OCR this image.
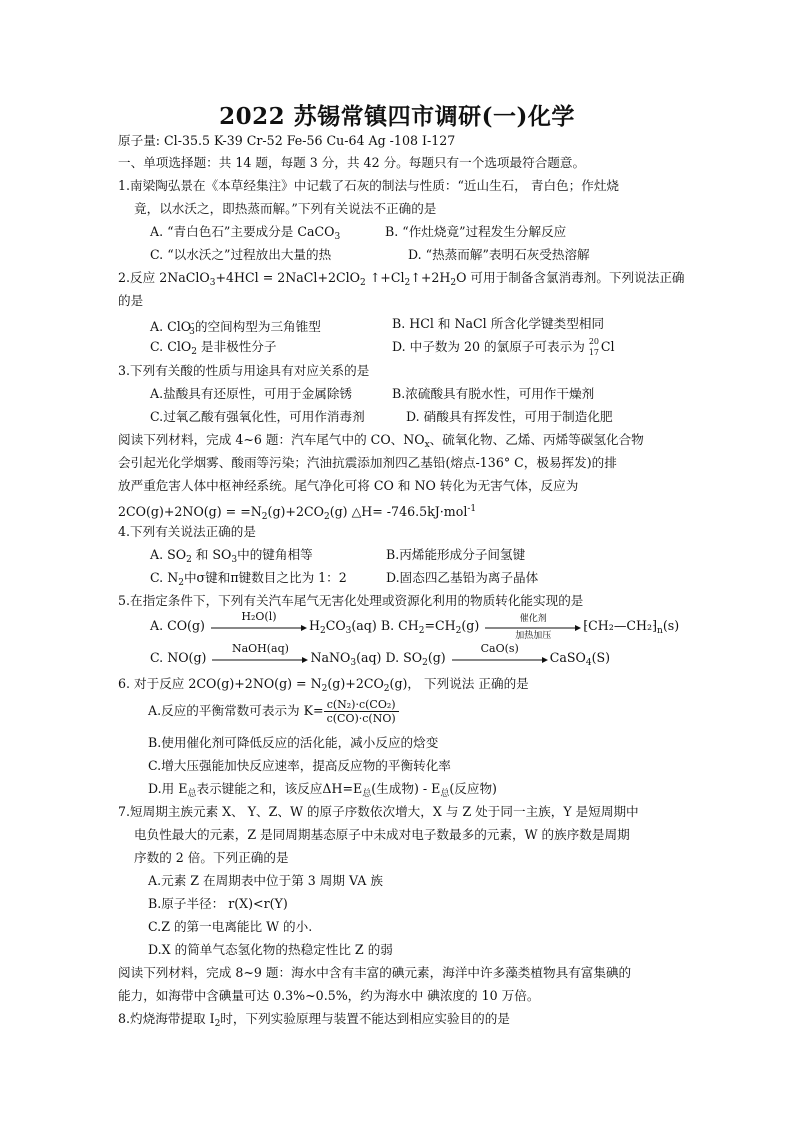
2022 苏锡常镇四市调研(一)化学
原子量: Cl-35.5 K-39 Cr-52 Fe-56 Cu-64 Ag -108 I-127
一、单项选择题：共 14 题，每题 3 分，共 42 分。每题只有一个选项最符合题意。
1.南梁陶弘景在《本草经集注》中记载了石灰的制法与性质：“近山生石， 青白色；作灶烧
竟，以水沃之，即热蒸而解。”下列有关说法不正确的是
A. “青白色石”主要成分是 CaCO$_3$	B. “作灶烧竟”过程发生分解反应
C. “以水沃之”过程放出大量的热	D. “热蒸而解”表明石灰受热溶解
2.反应 2NaClO$_3$+4HCl = 2NaCl+2ClO$_2$ $↑+Cl_2↑+2H_2O$ 可用于制备含氯消毒剂。下列说法正确
的是
A. ClO-$_3$的空间构型为三角锥型	B. HCl 和 NaCl 所含化学键类型相同
C. ClO$_2$ 是非极性分子	D. 中子数为 20 的氯原子可表示为 20
17 Cl
3.下列有关酸的性质与用途具有对应关系的是
A.盐酸具有还原性，可用于金属除锈	B.浓硫酸具有脱水性，可用作干燥剂
C.过氧乙酸有强氧化性，可用作消毒剂	D. 硝酸具有挥发性，可用于制造化肥
阅读下列材料，完成 4~6 题：汽车尾气中的 CO、$NO_x$、硫氧化物、乙烯、丙烯等碳氢化合物
会引起光化学烟雾、酸雨等污染；汽油抗震添加剂四乙基铅(熔点-136° C，极易挥发)的排
放严重危害人体中枢神经系统。尾气净化可将 CO 和 NO 转化为无害气体，反应为
$2CO(g)+2NO(g) = =N_2(g)+2CO_2(g)$ △H= -746.5kJ·mol$^{-1}$
4.下列有关说法正确的是
A. $SO_2$ 和 $SO_3$中的键角相等	B.丙烯能形成分子间氢键
C. $N_2$中σ键和π键数目之比为 1：2	D.固态四乙基铅为离子晶体
5.在指定条件下，下列有关汽车尾气无害化处理或资源化利用的物质转化能实现的是
A. CO(g)
H₂O(l)
$H_2CO_3(aq)$ B. $CH_2=CH_2(g)$	催化剂
加热加压
$⁅CH_2—CH_2⁆_n(s)$
C. NO(g)
NaOH(aq)
NaNO$_3$(aq) D. $SO_2(g)$
CaO(s)
CaSO$_4$(S)
6. 对于反应 $2CO(g)+2NO(g) = N_2(g)+2CO_2(g)$， 下列说法 正确的是
A.反应的平衡常数可表示为 $K= \frac{\text{c(N₂)·c(CO₂)}}{c(CO)\cdot c(NO)}$
B.使用催化剂可降低反应的活化能，减小反应的焓变
C.增大压强能加快反应速率，提高反应物的平衡转化率
D.用 $E_总$表示键能之和，该反应$\Delta H=E_总$(生成物) - $E_总$(反应物)
7.短周期主族元素 X、 Y、Z、W 的原子序数依次增大，X 与 Z 处于同一主族，Y 是短周期中
电负性最大的元素，Z 是同周期基态原子中未成对电子数最多的元素，W 的族序数是周期
序数的 2 倍。下列正确的是
A.元素 Z 在周期表中位于第 3 周期 VA 族
B.原子半径： r(X)<r(Y)
C.Z 的第一电离能比 W 的小.
D.X 的简单气态氢化物的热稳定性比 Z 的弱
阅读下列材料，完成 8~9 题：海水中含有丰富的碘元素，海洋中许多藻类植物具有富集碘的
能力，如海带中含碘量可达 0.3%~0.5%，约为海水中 碘浓度的 10 万倍。
8.灼烧海带提取 $I_2$时，下列实验原理与装置不能达到相应实验目的的是
